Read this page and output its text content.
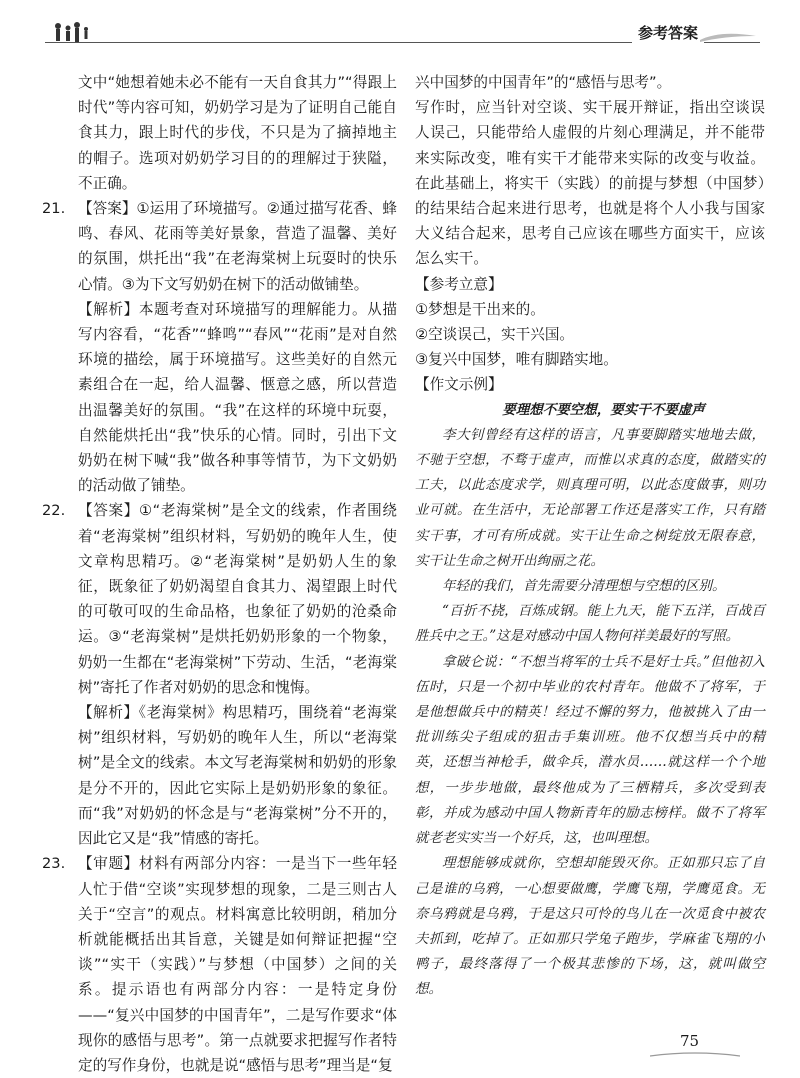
参考答案

文中“她想着她未必不能有一天自食其力”“得跟上时代”等内容可知，奶奶学习是为了证明自己能自食其力，跟上时代的步伐，不只是为了摘掉地主的帽子。选项对奶奶学习目的的理解过于狭隘，不正确。

21. 【答案】①运用了环境描写。②通过描写花香、蜂鸣、春风、花雨等美好景象，营造了温馨、美好的氛围，烘托出“我”在老海棠树上玩耍时的快乐心情。③为下文写奶奶在树下的活动做铺垫。

【解析】本题考查对环境描写的理解能力。从描写内容看，“花香”“蜂鸣”“春风”“花雨”是对自然环境的描绘，属于环境描写。这些美好的自然元素组合在一起，给人温馨、惬意之感，所以营造出温馨美好的氛围。“我”在这样的环境中玩耍，自然能烘托出“我”快乐的心情。同时，引出下文奶奶在树下喊“我”做各种事等情节，为下文奶奶的活动做了铺垫。

22. 【答案】①“老海棠树”是全文的线索，作者围绕着“老海棠树”组织材料，写奶奶的晚年人生，使文章构思精巧。②“老海棠树”是奶奶人生的象征，既象征了奶奶渴望自食其力、渴望跟上时代的可敬可叹的生命品格，也象征了奶奶的沧桑命运。③“老海棠树”是烘托奶奶形象的一个物象，奶奶一生都在“老海棠树”下劳动、生活，“老海棠树”寄托了作者对奶奶的思念和愧悔。

【解析】《老海棠树》构思精巧，围绕着“老海棠树”组织材料，写奶奶的晚年人生，所以“老海棠树”是全文的线索。本文写老海棠树和奶奶的形象是分不开的，因此它实际上是奶奶形象的象征。而“我”对奶奶的怀念是与“老海棠树”分不开的，因此它又是“我”情感的寄托。

23. 【审题】材料有两部分内容：一是当下一些年轻人忙于借“空谈”实现梦想的现象，二是三则古人关于“空言”的观点。材料寓意比较明朗，稍加分析就能概括出其旨意，关键是如何辩证把握“空谈”“实干（实践）”与梦想（中国梦）之间的关系。提示语也有两部分内容：一是特定身份——“复兴中国梦的中国青年”，二是写作要求“体现你的感悟与思考”。第一点就要求把握写作者特定的写作身份，也就是说“感悟与思考”理当是“复

兴中国梦的中国青年”的“感悟与思考”。

写作时，应当针对空谈、实干展开辩证，指出空谈误人误己，只能带给人虚假的片刻心理满足，并不能带来实际改变，唯有实干才能带来实际的改变与收益。在此基础上，将实干（实践）的前提与梦想（中国梦）的结果结合起来进行思考，也就是将个人小我与国家大义结合起来，思考自己应该在哪些方面实干，应该怎么实干。

【参考立意】

①梦想是干出来的。

②空谈误己，实干兴国。

③复兴中国梦，唯有脚踏实地。

【作文示例】

要理想不要空想，要实干不要虚声

李大钊曾经有这样的语言，凡事要脚踏实地地去做，不驰于空想，不骛于虚声，而惟以求真的态度，做踏实的工夫，以此态度求学，则真理可明，以此态度做事，则功业可就。在生活中，无论部署工作还是落实工作，只有踏实干事，才可有所成就。实干让生命之树绽放无限春意，实干让生命之树开出绚丽之花。

年轻的我们，首先需要分清理想与空想的区别。

“百折不挠，百炼成钢。能上九天，能下五洋，百战百胜兵中之王。”这是对感动中国人物何祥美最好的写照。

拿破仑说：“不想当将军的士兵不是好士兵。”但他初入伍时，只是一个初中毕业的农村青年。他做不了将军，于是他想做兵中的精英！经过不懈的努力，他被挑入了由一批训练尖子组成的狙击手集训班。他不仅想当兵中的精英，还想当神枪手，做伞兵，潜水员……就这样一个个地想，一步步地做，最终他成为了三栖精兵，多次受到表彰，并成为感动中国人物新青年的励志榜样。做不了将军就老老实实当一个好兵，这，也叫理想。

理想能够成就你，空想却能毁灭你。正如那只忘了自己是谁的乌鸦，一心想要做鹰，学鹰飞翔，学鹰觅食。无奈乌鸦就是乌鸦，于是这只可怜的鸟儿在一次觅食中被农夫抓到，吃掉了。正如那只学兔子跑步，学麻雀飞翔的小鸭子，最终落得了一个极其悲惨的下场，这，就叫做空想。

75
